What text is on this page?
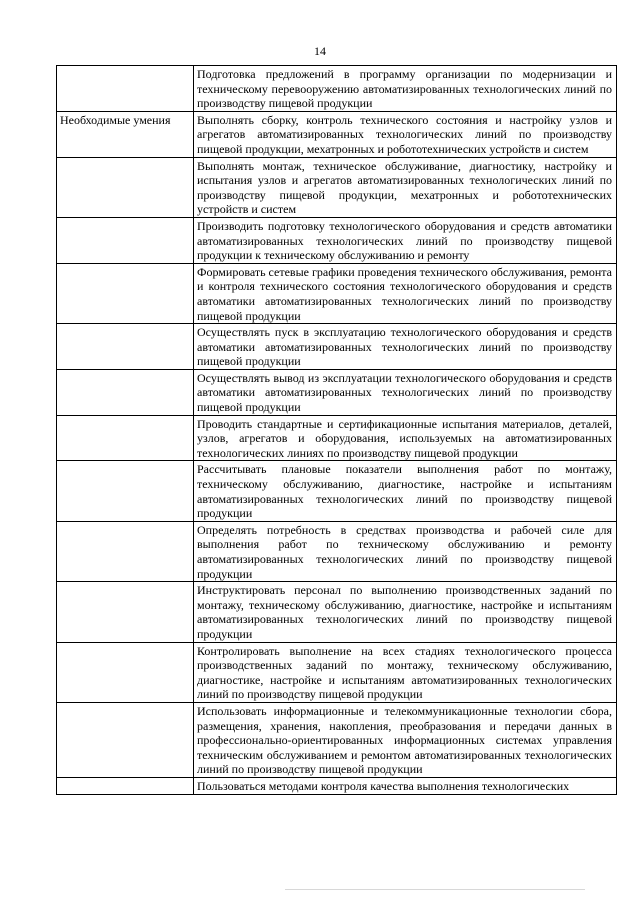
14
	Подготовка предложений в программу организации по модернизации и техническому перевооружению автоматизированных технологических линий по производству пищевой продукции
Необходимые умения	Выполнять сборку, контроль технического состояния и настройку узлов и агрегатов автоматизированных технологических линий по производству пищевой продукции, мехатронных и робототехнических устройств и систем
	Выполнять монтаж, техническое обслуживание, диагностику, настройку и испытания узлов и агрегатов автоматизированных технологических линий по производству пищевой продукции, мехатронных и робототехнических устройств и систем
	Производить подготовку технологического оборудования и средств автоматики автоматизированных технологических линий по производству пищевой продукции к техническому обслуживанию и ремонту
	Формировать сетевые графики проведения технического обслуживания, ремонта и контроля технического состояния технологического оборудования и средств автоматики автоматизированных технологических линий по производству пищевой продукции
	Осуществлять пуск в эксплуатацию технологического оборудования и средств автоматики автоматизированных технологических линий по производству пищевой продукции
	Осуществлять вывод из эксплуатации технологического оборудования и средств автоматики автоматизированных технологических линий по производству пищевой продукции
	Проводить стандартные и сертификационные испытания материалов, деталей, узлов, агрегатов и оборудования, используемых на автоматизированных технологических линиях по производству пищевой продукции
	Рассчитывать плановые показатели выполнения работ по монтажу, техническому обслуживанию, диагностике, настройке и испытаниям автоматизированных технологических линий по производству пищевой продукции
	Определять потребность в средствах производства и рабочей силе для выполнения работ по техническому обслуживанию и ремонту автоматизированных технологических линий по производству пищевой продукции
	Инструктировать персонал по выполнению производственных заданий по монтажу, техническому обслуживанию, диагностике, настройке и испытаниям автоматизированных технологических линий по производству пищевой продукции
	Контролировать выполнение на всех стадиях технологического процесса производственных заданий по монтажу, техническому обслуживанию, диагностике, настройке и испытаниям автоматизированных технологических линий по производству пищевой продукции
	Использовать информационные и телекоммуникационные технологии сбора, размещения, хранения, накопления, преобразования и передачи данных в профессионально-ориентированных информационных системах управления техническим обслуживанием и ремонтом автоматизированных технологических линий по производству пищевой продукции
	Пользоваться методами контроля качества выполнения технологических
